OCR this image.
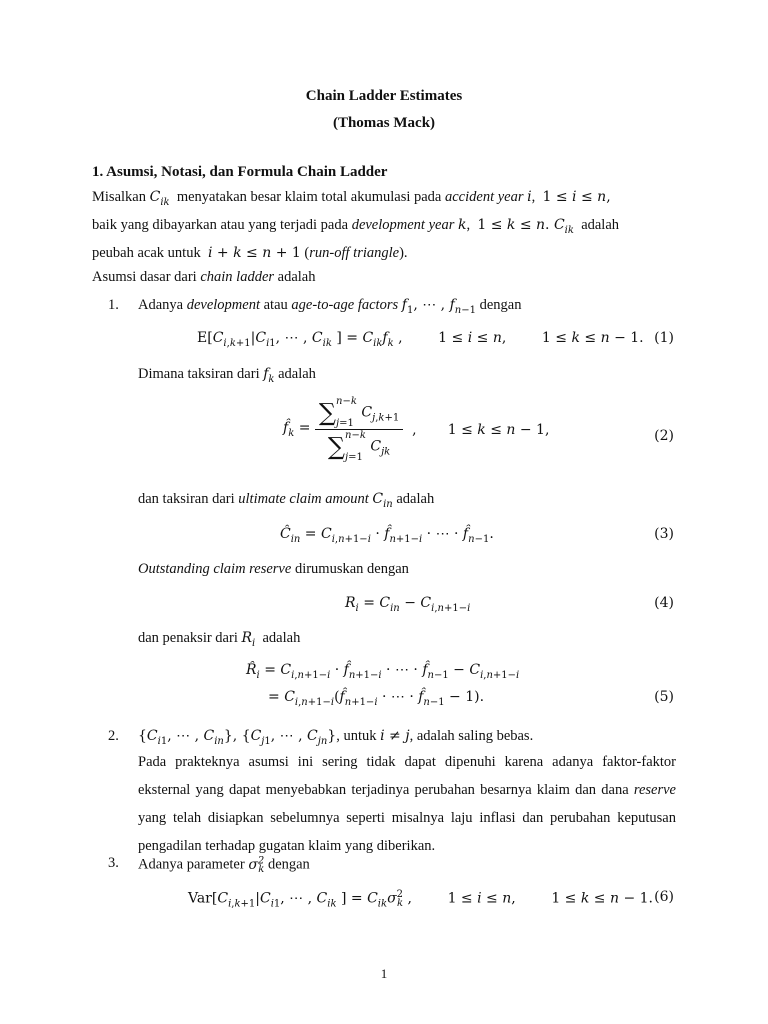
Chain Ladder Estimates
(Thomas Mack)
1. Asumsi, Notasi, dan Formula Chain Ladder
Misalkan $C_{ik}$ menyatakan besar klaim total akumulasi pada accident year i,  1 ≤ i ≤ n,
baik yang dibayarkan atau yang terjadi pada development year k,  1 ≤ k ≤ n. $C_{ik}$ adalah
peubah acak untuk i + k ≤ n + 1 (run-off triangle).
Asumsi dasar dari chain ladder adalah
1. Adanya development atau age-to-age factors $f_1$, ⋯ , $f_{n-1}$ dengan
$E[C_{i,k+1}|C_{i1}$, ⋯ , $C_{ik}$ ] = $C_{ik}f_k$ ,        1 ≤ i ≤ n,        1 ≤ k ≤ n − 1. (1)
Dimana taksiran dari $f_k$ adalah
$f̂_k$ =
∑n−k

j=1 $C_{j,k+1}$
∑n−k

j=1 $C_{jk}$
,       1 ≤ k ≤ n − 1,	(2)
dan taksiran dari ultimate claim amount $C_{in}$ adalah
$Ĉ_{in} = C_{i,n+1-i}$ · $f̂_{n+1-i}$ · ⋯ · $f̂_{n-1}$.	(3)
Outstanding claim reserve dirumuskan dengan
$R_i = C_{in} - C_{i,n+1-i}$	(4)
dan penaksir dari $R_i$ adalah
$R̂_i = C_{i,n+1-i}$ · $f̂_{n+1-i}$ · ⋯ · $f̂_{n-1} - C_{i,n+1-i}$
= $C_{i,n+1-i}(f̂_{n+1-i}$ · ⋯ · $f̂_{n-1} - 1$).	(5)
2. {$C_{i1}$, ⋯ , $C_{in}$}, {$C_{j1}$, ⋯ , $C_{jn}$}, untuk i ≠ j, adalah saling bebas.
Pada prakteknya asumsi ini sering tidak dapat dipenuhi karena adanya faktor-faktor eksternal yang dapat menyebabkan terjadinya perubahan besarnya klaim dan dana reserve yang telah disiapkan sebelumnya seperti misalnya laju inflasi dan perubahan keputusan pengadilan terhadap gugatan klaim yang diberikan.
3. Adanya parameter $\sigma^2_k$ dengan
$Var[C_{i,k+1}|C_{i1}$, ⋯ , $C_{ik}$ ] = $C_{ik}\sigma^2_k$ ,        1 ≤ i ≤ n,        1 ≤ k ≤ n − 1. (6)
1
